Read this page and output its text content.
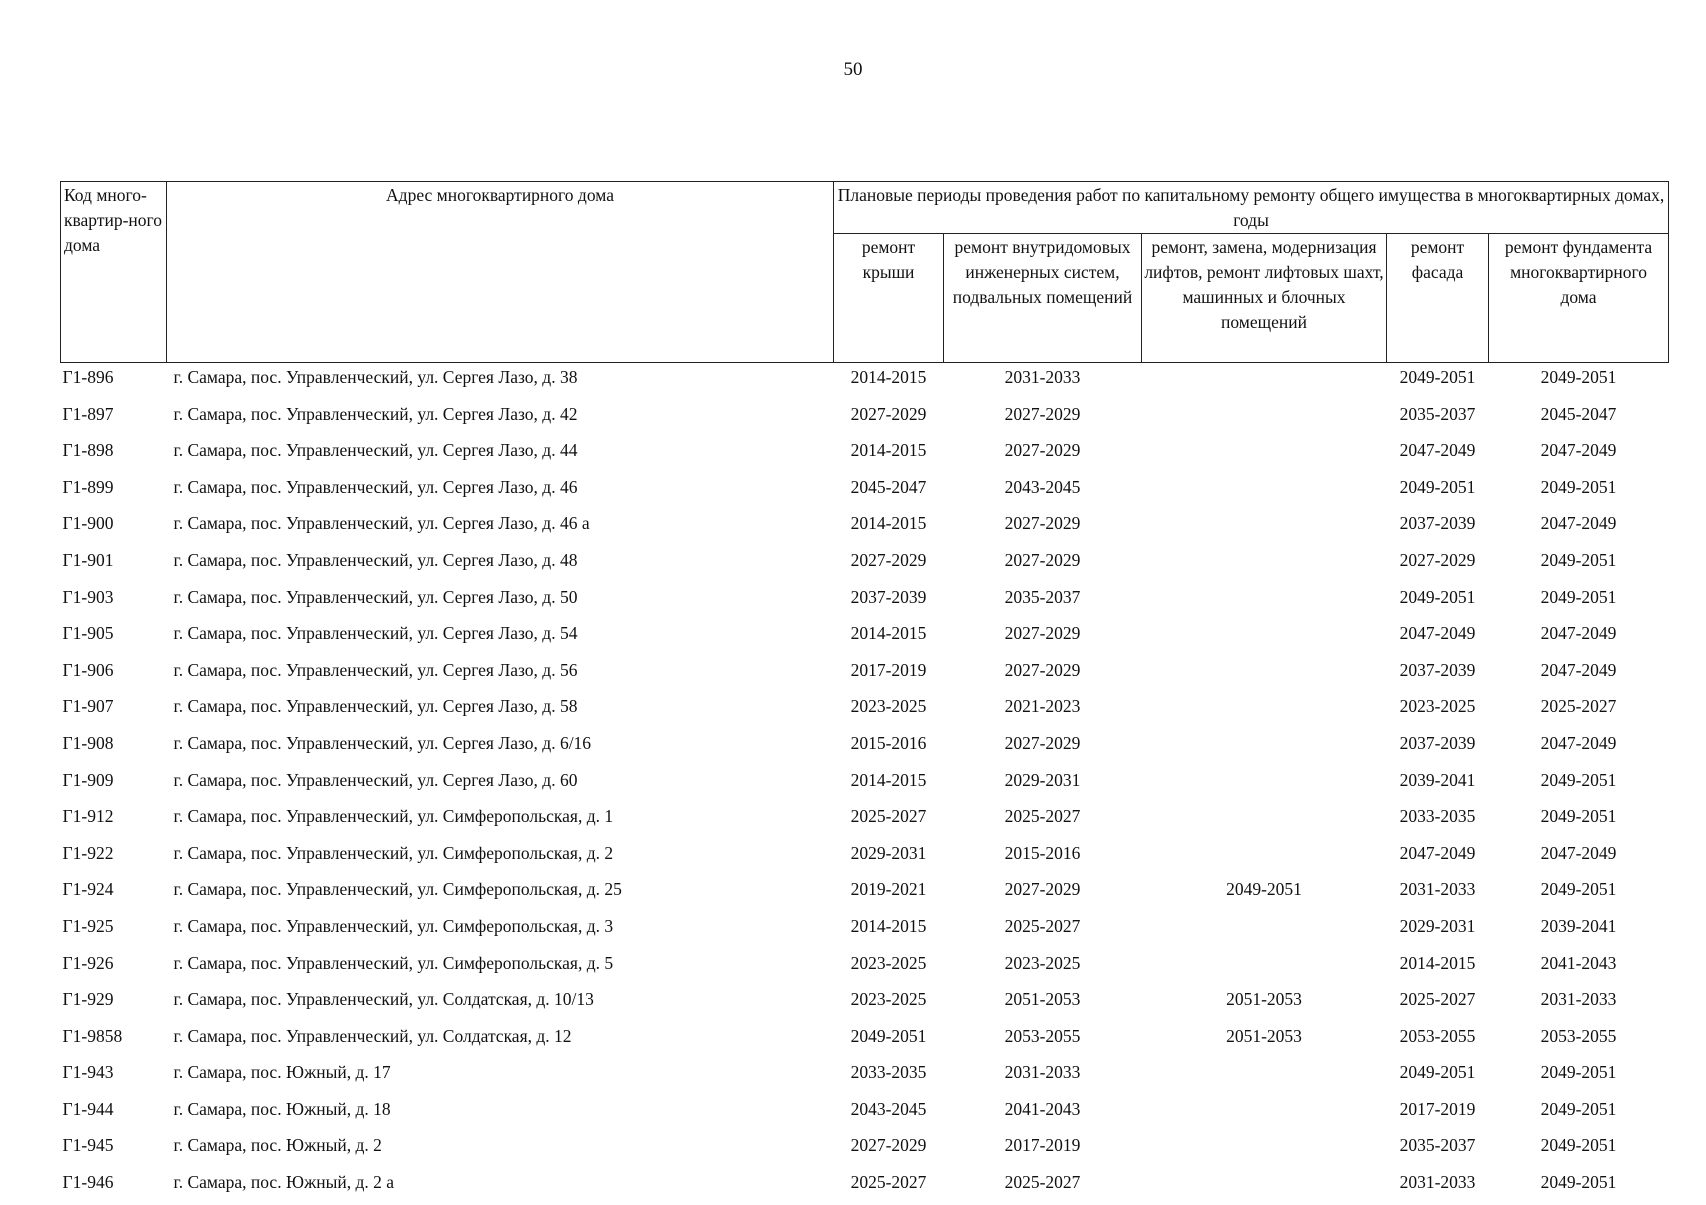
50
Код много-квартир-ного дома	Адрес многоквартирного дома	Плановые периоды проведения работ по капитальному ремонту общего имущества в многоквартирных домах, годы				
		ремонт крыши	ремонт внутридомовых инженерных систем, подвальных помещений	ремонт, замена, модернизация лифтов, ремонт лифтовых шахт, машинных и блочных помещений	ремонт фасада	ремонт фундамента многоквартирного дома
Г1-896	г. Самара, пос. Управленческий, ул. Сергея Лазо, д. 38	2014-2015	2031-2033		2049-2051	2049-2051
Г1-897	г. Самара, пос. Управленческий, ул. Сергея Лазо, д. 42	2027-2029	2027-2029		2035-2037	2045-2047
Г1-898	г. Самара, пос. Управленческий, ул. Сергея Лазо, д. 44	2014-2015	2027-2029		2047-2049	2047-2049
Г1-899	г. Самара, пос. Управленческий, ул. Сергея Лазо, д. 46	2045-2047	2043-2045		2049-2051	2049-2051
Г1-900	г. Самара, пос. Управленческий, ул. Сергея Лазо, д. 46 а	2014-2015	2027-2029		2037-2039	2047-2049
Г1-901	г. Самара, пос. Управленческий, ул. Сергея Лазо, д. 48	2027-2029	2027-2029		2027-2029	2049-2051
Г1-903	г. Самара, пос. Управленческий, ул. Сергея Лазо, д. 50	2037-2039	2035-2037		2049-2051	2049-2051
Г1-905	г. Самара, пос. Управленческий, ул. Сергея Лазо, д. 54	2014-2015	2027-2029		2047-2049	2047-2049
Г1-906	г. Самара, пос. Управленческий, ул. Сергея Лазо, д. 56	2017-2019	2027-2029		2037-2039	2047-2049
Г1-907	г. Самара, пос. Управленческий, ул. Сергея Лазо, д. 58	2023-2025	2021-2023		2023-2025	2025-2027
Г1-908	г. Самара, пос. Управленческий, ул. Сергея Лазо, д. 6/16	2015-2016	2027-2029		2037-2039	2047-2049
Г1-909	г. Самара, пос. Управленческий, ул. Сергея Лазо, д. 60	2014-2015	2029-2031		2039-2041	2049-2051
Г1-912	г. Самара, пос. Управленческий, ул. Симферопольская, д. 1	2025-2027	2025-2027		2033-2035	2049-2051
Г1-922	г. Самара, пос. Управленческий, ул. Симферопольская, д. 2	2029-2031	2015-2016		2047-2049	2047-2049
Г1-924	г. Самара, пос. Управленческий, ул. Симферопольская, д. 25	2019-2021	2027-2029	2049-2051	2031-2033	2049-2051
Г1-925	г. Самара, пос. Управленческий, ул. Симферопольская, д. 3	2014-2015	2025-2027		2029-2031	2039-2041
Г1-926	г. Самара, пос. Управленческий, ул. Симферопольская, д. 5	2023-2025	2023-2025		2014-2015	2041-2043
Г1-929	г. Самара, пос. Управленческий, ул. Солдатская, д. 10/13	2023-2025	2051-2053	2051-2053	2025-2027	2031-2033
Г1-9858	г. Самара, пос. Управленческий, ул. Солдатская, д. 12	2049-2051	2053-2055	2051-2053	2053-2055	2053-2055
Г1-943	г. Самара, пос. Южный, д. 17	2033-2035	2031-2033		2049-2051	2049-2051
Г1-944	г. Самара, пос. Южный, д. 18	2043-2045	2041-2043		2017-2019	2049-2051
Г1-945	г. Самара, пос. Южный, д. 2	2027-2029	2017-2019		2035-2037	2049-2051
Г1-946	г. Самара, пос. Южный, д. 2 а	2025-2027	2025-2027		2031-2033	2049-2051
